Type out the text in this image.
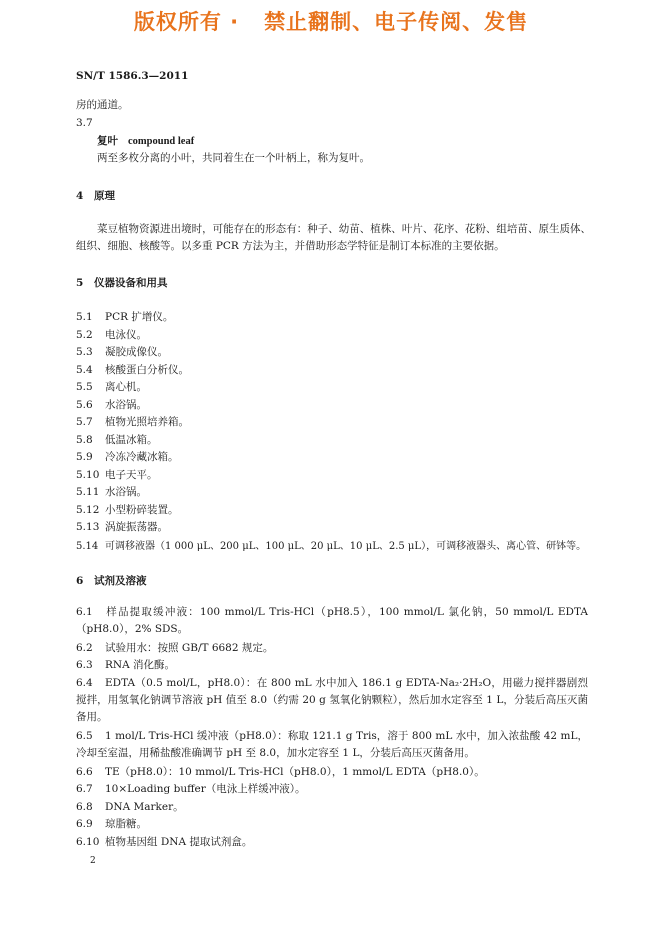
版权所有 ·   禁止翻制、电子传阅、发售
SN/T 1586.3—2011
房的通道。
3.7
复叶 compound leaf
两至多枚分离的小叶，共同着生在一个叶柄上，称为复叶。
4 原理
菜豆植物资源进出境时，可能存在的形态有：种子、幼苗、植株、叶片、花序、花粉、组培苗、原生质体、组织、细胞、核酸等。以多重 PCR 方法为主，并借助形态学特征是制订本标准的主要依据。
5 仪器设备和用具
5.1 PCR 扩增仪。
5.2 电泳仪。
5.3 凝胶成像仪。
5.4 核酸蛋白分析仪。
5.5 离心机。
5.6 水浴锅。
5.7 植物光照培养箱。
5.8 低温冰箱。
5.9 冷冻冷藏冰箱。
5.10 电子天平。
5.11 水浴锅。
5.12 小型粉碎装置。
5.13 涡旋振荡器。
5.14 可调移液器（1 000 μL、200 μL、100 μL、20 μL、10 μL、2.5 μL），可调移液器头、离心管、研钵等。
6 试剂及溶液
6.1 样品提取缓冲液：100 mmol/L Tris-HCl（pH8.5），100 mmol/L 氯化钠，50 mmol/L EDTA（pH8.0），2% SDS。
6.2 试验用水：按照 GB/T 6682 规定。
6.3 RNA 消化酶。
6.4 EDTA（0.5 mol/L，pH8.0）：在 800 mL 水中加入 186.1 g EDTA-Na₂·2H₂O，用磁力搅拌器剧烈搅拌，用氢氧化钠调节溶液 pH 值至 8.0（约需 20 g 氢氧化钠颗粒），然后加水定容至 1 L，分装后高压灭菌备用。
6.5 1 mol/L Tris-HCl 缓冲液（pH8.0）：称取 121.1 g Tris，溶于 800 mL 水中，加入浓盐酸 42 mL，冷却至室温，用稀盐酸准确调节 pH 至 8.0，加水定容至 1 L，分装后高压灭菌备用。
6.6 TE（pH8.0）：10 mmol/L Tris-HCl（pH8.0），1 mmol/L EDTA（pH8.0）。
6.7 10×Loading buffer（电泳上样缓冲液）。
6.8 DNA Marker。
6.9 琼脂糖。
6.10 植物基因组 DNA 提取试剂盒。
2
